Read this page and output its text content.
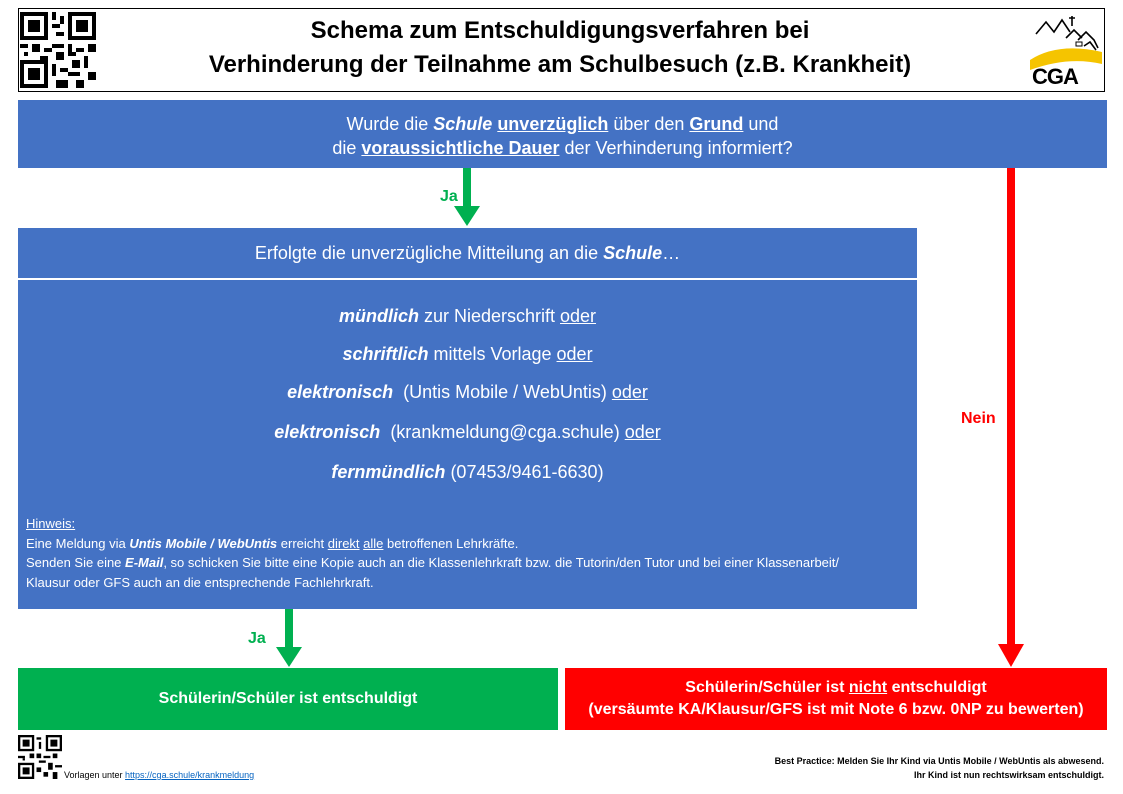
Schema zum Entschuldigungsverfahren bei
Verhinderung der Teilnahme am Schulbesuch (z.B. Krankheit)	CGA
Wurde die Schule unverzüglich über den Grund und
die voraussichtliche Dauer der Verhinderung informiert?
Ja
Nein
Erfolgte die unverzügliche Mitteilung an die Schule…
mündlich zur Niederschrift oder
schriftlich mittels Vorlage oder
elektronisch  (Untis Mobile / WebUntis) oder
elektronisch  (krankmeldung@cga.schule) oder
fernmündlich (07453/9461-6630)
Hinweis:
Eine Meldung via Untis Mobile / WebUntis erreicht direkt alle betroffenen Lehrkräfte.
Senden Sie eine E-Mail, so schicken Sie bitte eine Kopie auch an die Klassenlehrkraft bzw. die Tutorin/den Tutor und bei einer Klassenarbeit/
Klausur oder GFS auch an die entsprechende Fachlehrkraft.
Ja
Schülerin/Schüler ist entschuldigt
Schülerin/Schüler ist nicht entschuldigt
(versäumte KA/Klausur/GFS ist mit Note 6 bzw. 0NP zu bewerten)
Vorlagen unter https://cga.schule/krankmeldung
Best Practice: Melden Sie Ihr Kind via Untis Mobile / WebUntis als abwesend.
Ihr Kind ist nun rechtswirksam entschuldigt.
